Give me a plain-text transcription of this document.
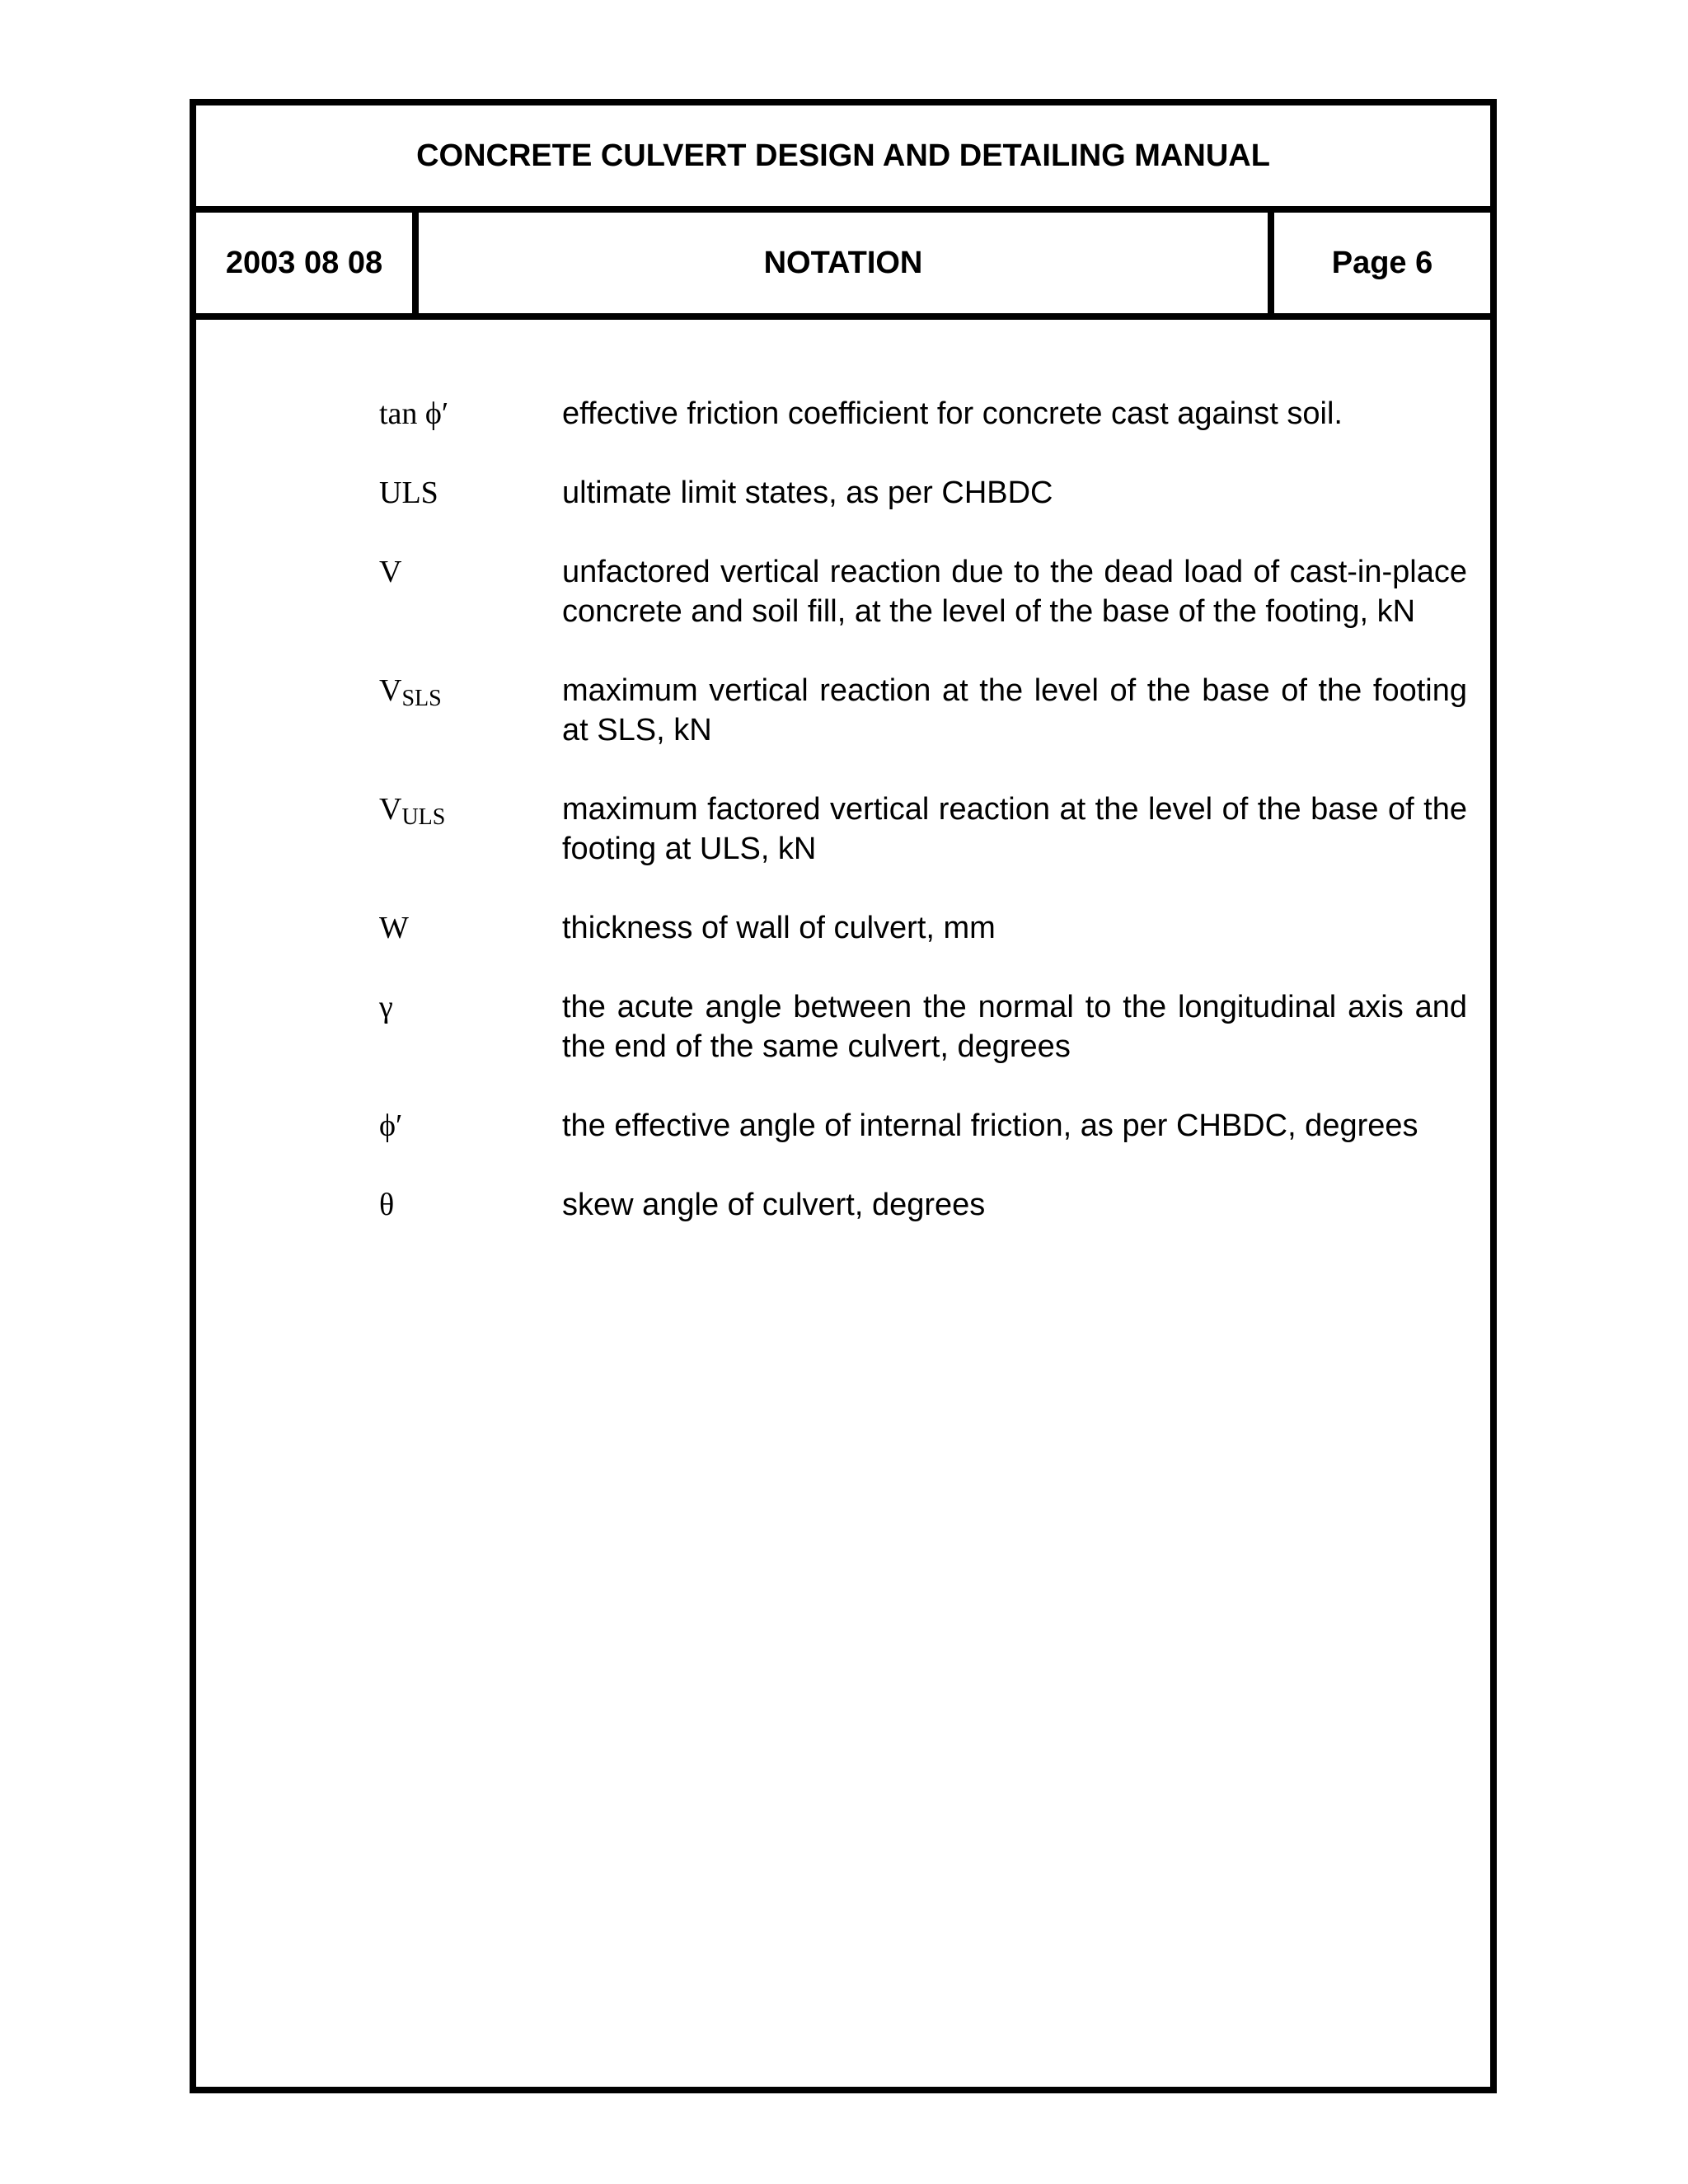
CONCRETE CULVERT DESIGN AND DETAILING MANUAL
2003 08 08	NOTATION	Page 6
tan ϕ′	effective friction coefficient for concrete cast against soil.
ULS	ultimate limit states, as per CHBDC
V	unfactored vertical reaction due to the dead load of cast-in-place concrete and soil fill, at the level of the base of the footing, kN
$V_{SLS}$	maximum vertical reaction at the level of the base of the footing at SLS, kN
$V_{ULS}$	maximum factored vertical reaction at the level of the base of the footing at ULS, kN
W	thickness of wall of culvert, mm
γ	the acute angle between the normal to the longitudinal axis and the end of the same culvert, degrees
ϕ′	the effective angle of internal friction, as per CHBDC, degrees
θ	skew angle of culvert, degrees
